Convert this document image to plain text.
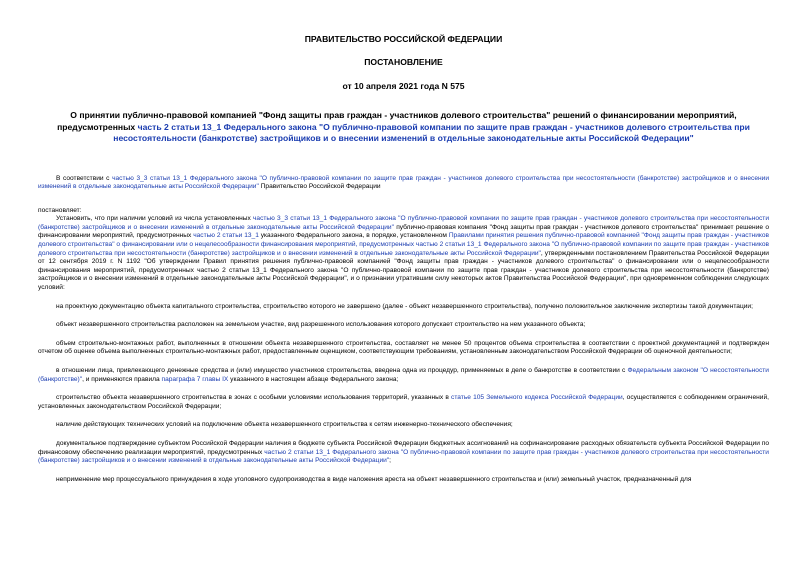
ПРАВИТЕЛЬСТВО РОССИЙСКОЙ ФЕДЕРАЦИИ
ПОСТАНОВЛЕНИЕ
от 10 апреля 2021 года N 575
О принятии публично-правовой компанией "Фонд защиты прав граждан - участников долевого строительства" решений о финансировании мероприятий, предусмотренных часть 2 статьи 13_1 Федерального закона "О публично-правовой компании по защите прав граждан - участников долевого строительства при несостоятельности (банкротстве) застройщиков и о внесении изменений в отдельные законодательные акты Российской Федерации"

В соответствии с частью 3_3 статьи 13_1 Федерального закона "О публично-правовой компании по защите прав граждан - участников долевого строительства при несостоятельности (банкротстве) застройщиков и о внесении изменений в отдельные законодательные акты Российской Федерации" Правительство Российской Федерации

постановляет:

Установить, что при наличии условий из числа установленных частью 3_3 статьи 13_1 Федерального закона "О публично-правовой компании по защите прав граждан - участников долевого строительства при несостоятельности (банкротстве) застройщиков и о внесении изменений в отдельные законодательные акты Российской Федерации" публично-правовая компания "Фонд защиты прав граждан - участников долевого строительства" принимает решение о финансировании мероприятий, предусмотренных частью 2 статьи 13_1 указанного Федерального закона, в порядке, установленном Правилами принятия решения публично-правовой компанией "Фонд защиты прав граждан - участников долевого строительства" о финансировании или о нецелесообразности финансирования мероприятий, предусмотренных частью 2 статьи 13_1 Федерального закона "О публично-правовой компании по защите прав граждан - участников долевого строительства при несостоятельности (банкротстве) застройщиков и о внесении изменений в отдельные законодательные акты Российской Федерации", утвержденными постановлением Правительства Российской Федерации от 12 сентября 2019 г. N 1192 "Об утверждении Правил принятия решения публично-правовой компанией "Фонд защиты прав граждан - участников долевого строительства" о финансировании или о нецелесообразности финансирования мероприятий, предусмотренных частью 2 статьи 13_1 Федерального закона "О публично-правовой компании по защите прав граждан - участников долевого строительства при несостоятельности (банкротстве) застройщиков и о внесении изменений в отдельные законодательные акты Российской Федерации", и о признании утратившим силу некоторых актов Правительства Российской Федерации", при одновременном соблюдении следующих условий:

на проектную документацию объекта капитального строительства, строительство которого не завершено (далее - объект незавершенного строительства), получено положительное заключение экспертизы такой документации;

объект незавершенного строительства расположен на земельном участке, вид разрешенного использования которого допускает строительство на нем указанного объекта;

объем строительно-монтажных работ, выполненных в отношении объекта незавершенного строительства, составляет не менее 50 процентов объема строительства в соответствии с проектной документацией и подтвержден отчетом об оценке объема выполненных строительно-монтажных работ, предоставленным оценщиком, соответствующим требованиям, установленным законодательством Российской Федерации об оценочной деятельности;

в отношении лица, привлекающего денежные средства и (или) имущество участников строительства, введена одна из процедур, применяемых в деле о банкротстве в соответствии с Федеральным законом "О несостоятельности (банкротстве)", и применяются правила параграфа 7 главы IX указанного в настоящем абзаце Федерального закона;

строительство объекта незавершенного строительства в зонах с особыми условиями использования территорий, указанных в статье 105 Земельного кодекса Российской Федерации, осуществляется с соблюдением ограничений, установленных законодательством Российской Федерации;

наличие действующих технических условий на подключение объекта незавершенного строительства к сетям инженерно-технического обеспечения;

документальное подтверждение субъектом Российской Федерации наличия в бюджете субъекта Российской Федерации бюджетных ассигнований на софинансирование расходных обязательств субъекта Российской Федерации по финансовому обеспечению реализации мероприятий, предусмотренных частью 2 статьи 13_1 Федерального закона "О публично-правовой компании по защите прав граждан - участников долевого строительства при несостоятельности (банкротстве) застройщиков и о внесении изменений в отдельные законодательные акты Российской Федерации";

неприменение мер процессуального принуждения в ходе уголовного судопроизводства в виде наложения ареста на объект незавершенного строительства и (или) земельный участок, предназначенный для
